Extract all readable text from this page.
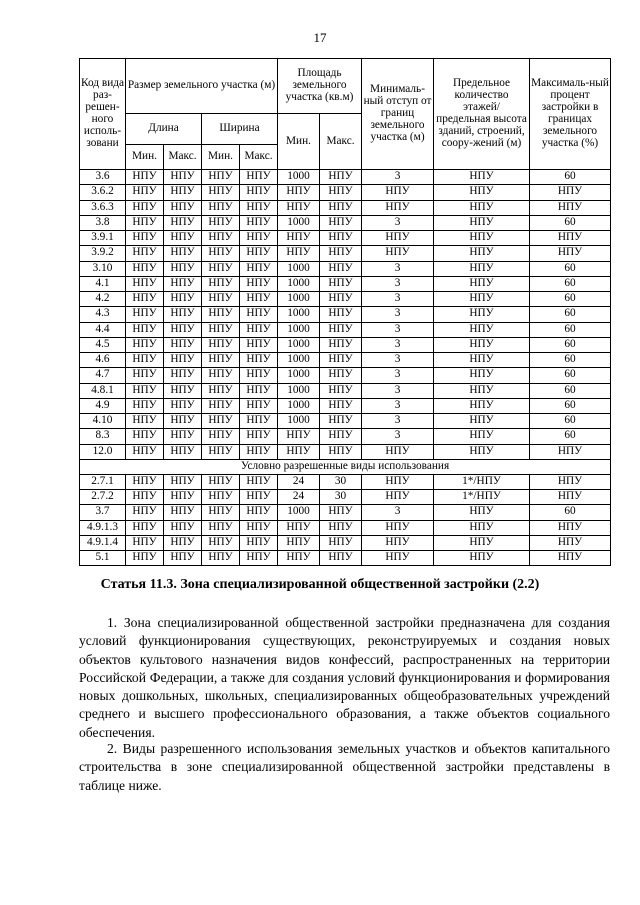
17
Код вида раз-решен-ного исполь-зовани	Размер земельного участка (м)				Площадь земельного участка (кв.м)		Минималь-ный отступ от границ земельного участка (м)	Предельное количество этажей/ предельная высота зданий, строений, соору-жений (м)	Максималь-ный процент застройки в границах земельного участка (%)
	Длина		Ширина		Мин.	Макс.			
	Мин.	Макс.	Мин.	Макс.					
3.6	НПУ	НПУ	НПУ	НПУ	1000	НПУ	3	НПУ	60
3.6.2	НПУ	НПУ	НПУ	НПУ	НПУ	НПУ	НПУ	НПУ	НПУ
3.6.3	НПУ	НПУ	НПУ	НПУ	НПУ	НПУ	НПУ	НПУ	НПУ
3.8	НПУ	НПУ	НПУ	НПУ	1000	НПУ	3	НПУ	60
3.9.1	НПУ	НПУ	НПУ	НПУ	НПУ	НПУ	НПУ	НПУ	НПУ
3.9.2	НПУ	НПУ	НПУ	НПУ	НПУ	НПУ	НПУ	НПУ	НПУ
3.10	НПУ	НПУ	НПУ	НПУ	1000	НПУ	3	НПУ	60
4.1	НПУ	НПУ	НПУ	НПУ	1000	НПУ	3	НПУ	60
4.2	НПУ	НПУ	НПУ	НПУ	1000	НПУ	3	НПУ	60
4.3	НПУ	НПУ	НПУ	НПУ	1000	НПУ	3	НПУ	60
4.4	НПУ	НПУ	НПУ	НПУ	1000	НПУ	3	НПУ	60
4.5	НПУ	НПУ	НПУ	НПУ	1000	НПУ	3	НПУ	60
4.6	НПУ	НПУ	НПУ	НПУ	1000	НПУ	3	НПУ	60
4.7	НПУ	НПУ	НПУ	НПУ	1000	НПУ	3	НПУ	60
4.8.1	НПУ	НПУ	НПУ	НПУ	1000	НПУ	3	НПУ	60
4.9	НПУ	НПУ	НПУ	НПУ	1000	НПУ	3	НПУ	60
4.10	НПУ	НПУ	НПУ	НПУ	1000	НПУ	3	НПУ	60
8.3	НПУ	НПУ	НПУ	НПУ	НПУ	НПУ	3	НПУ	60
12.0	НПУ	НПУ	НПУ	НПУ	НПУ	НПУ	НПУ	НПУ	НПУ
Условно разрешенные виды использования									
2.7.1	НПУ	НПУ	НПУ	НПУ	24	30	НПУ	1*/НПУ	НПУ
2.7.2	НПУ	НПУ	НПУ	НПУ	24	30	НПУ	1*/НПУ	НПУ
3.7	НПУ	НПУ	НПУ	НПУ	1000	НПУ	3	НПУ	60
4.9.1.3	НПУ	НПУ	НПУ	НПУ	НПУ	НПУ	НПУ	НПУ	НПУ
4.9.1.4	НПУ	НПУ	НПУ	НПУ	НПУ	НПУ	НПУ	НПУ	НПУ
5.1	НПУ	НПУ	НПУ	НПУ	НПУ	НПУ	НПУ	НПУ	НПУ
Статья 11.3. Зона специализированной общественной застройки (2.2)

1. Зона специализированной общественной застройки предназначена для создания условий функционирования существующих, реконструируемых и создания новых объектов культового назначения видов конфессий, распространенных на территории Российской Федерации, а также для создания условий функционирования и формирования новых дошкольных, школьных, специализированных общеобразовательных учреждений среднего и высшего профессионального образования, а также объектов социального обеспечения.

2. Виды разрешенного использования земельных участков и объектов капитального строительства в зоне специализированной общественной застройки представлены в таблице ниже.
